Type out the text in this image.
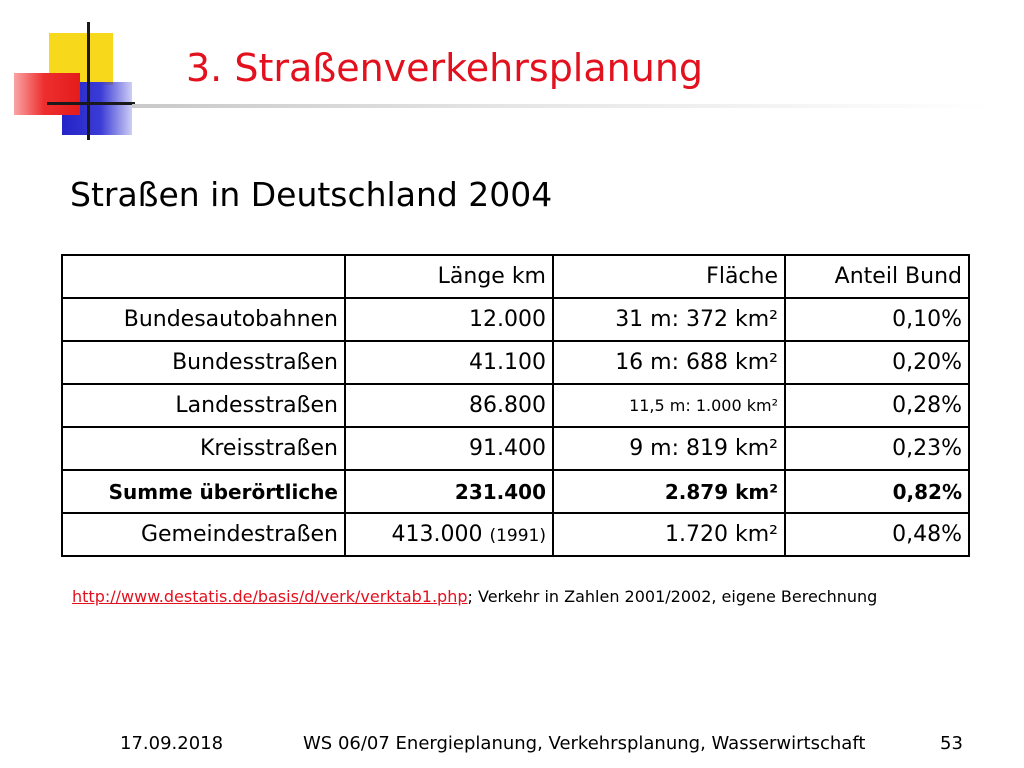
3. Straßenverkehrsplanung
Straßen in Deutschland 2004
	Länge km	Fläche	Anteil Bund
Bundesautobahnen	12.000	31 m: 372 km²	0,10%
Bundesstraßen	41.100	16 m: 688 km²	0,20%
Landesstraßen	86.800	11,5 m: 1.000 km²	0,28%
Kreisstraßen	91.400	9 m: 819 km²	0,23%
Summe überörtliche	231.400	2.879 km²	0,82%
Gemeindestraßen	413.000 (1991)	1.720 km²	0,48%
http://www.destatis.de/basis/d/verk/verktab1.php; Verkehr in Zahlen 2001/2002, eigene Berechnung
17.09.2018	WS 06/07 Energieplanung, Verkehrsplanung, Wasserwirtschaft	53
